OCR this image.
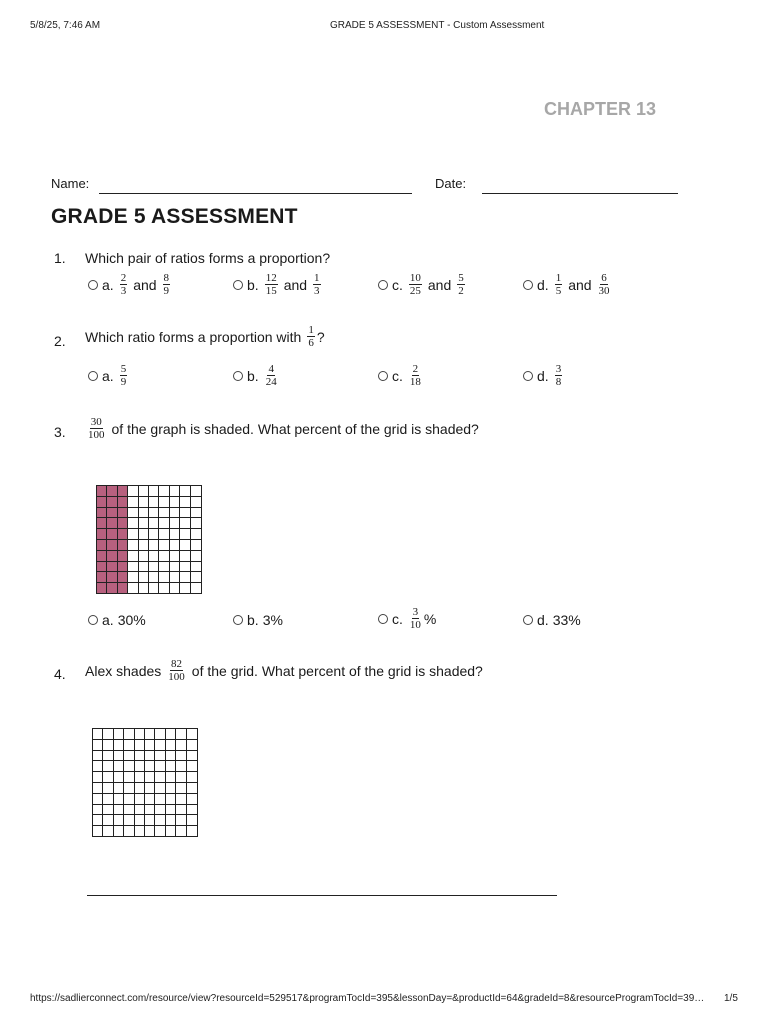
5/8/25, 7:46 AM	GRADE 5 ASSESSMENT - Custom Assessment
CHAPTER 13
Name:	Date:
GRADE 5 ASSESSMENT
1. Which pair of ratios forms a proportion?
a. $\frac{2}{3}$ and $\frac{8}{9}$	b. $\frac{12}{15}$ and $\frac{1}{3}$	c. $\frac{10}{25}$ and $\frac{5}{2}$	d. $\frac{1}{5}$ and $\frac{6}{30}$
2. Which ratio forms a proportion with $\frac{1}{6}$ ?
a. $\frac{5}{9}$	b. $\frac{4}{24}$	c. $\frac{2}{18}$	d. $\frac{3}{8}$
3. $\frac{30}{100}$ of the graph is shaded. What percent of the grid is shaded?
a. 30%	b. 3%	c. $\frac{3}{10}$ %	d. 33%
4. Alex shades $\frac{82}{100}$ of the grid. What percent of the grid is shaded?
https://sadlierconnect.com/resource/view?resourceId=529517&programTocId=395&lessonDay=&productId=64&gradeId=8&resourceProgramTocId=39… 1/5
